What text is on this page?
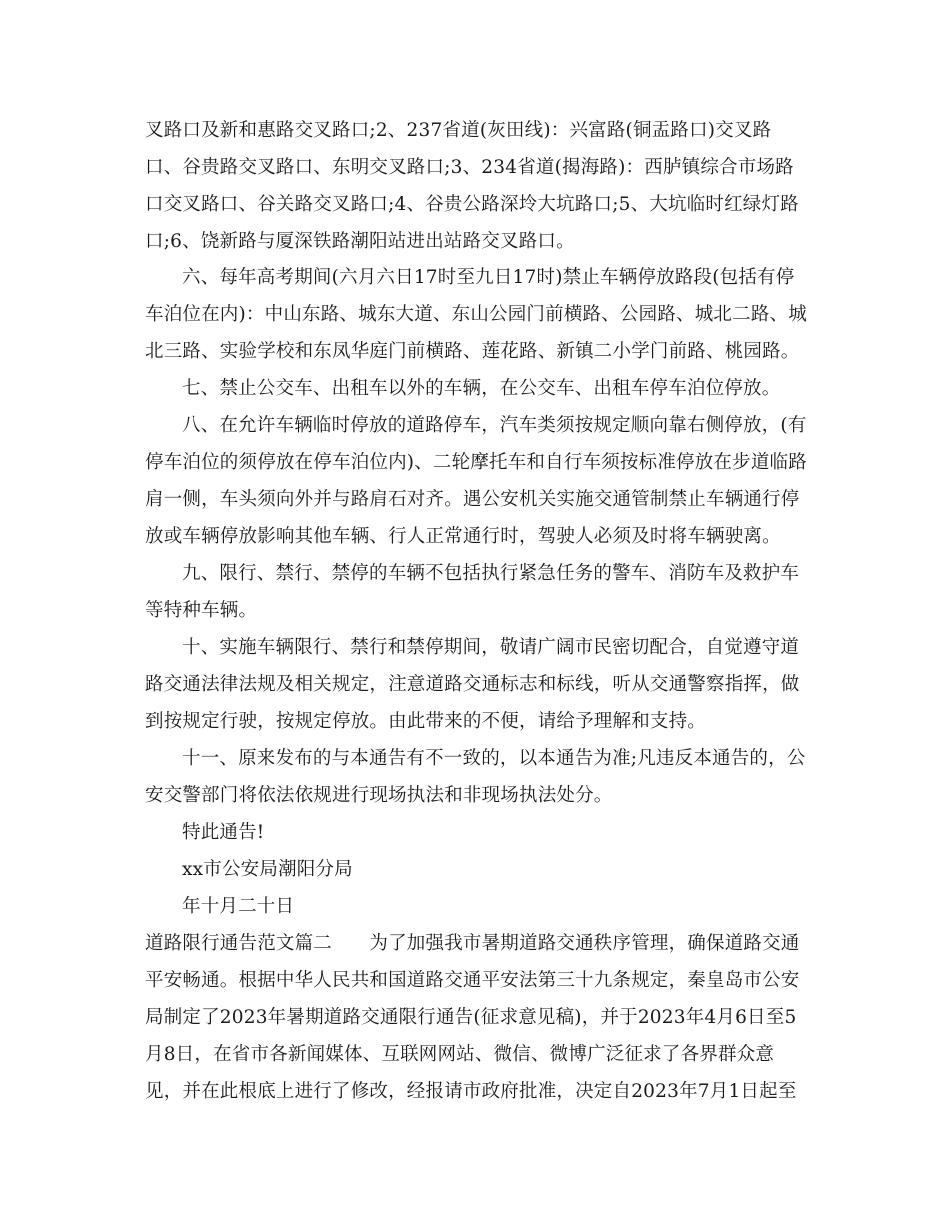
叉路口及新和惠路交叉路口;2、237省道(灰田线)：兴富路(铜盂路口)交叉路

口、谷贵路交叉路口、东明交叉路口;3、234省道(揭海路)：西胪镇综合市场路

口交叉路口、谷关路交叉路口;4、谷贵公路深坽大坑路口;5、大坑临时红绿灯路

口;6、饶新路与厦深铁路潮阳站进出站路交叉路口。

六、每年高考期间(六月六日17时至九日17时)禁止车辆停放路段(包括有停

车泊位在内)：中山东路、城东大道、东山公园门前横路、公园路、城北二路、城

北三路、实验学校和东凤华庭门前横路、莲花路、新镇二小学门前路、桃园路。

七、禁止公交车、出租车以外的车辆，在公交车、出租车停车泊位停放。

八、在允许车辆临时停放的道路停车，汽车类须按规定顺向靠右侧停放，(有

停车泊位的须停放在停车泊位内)、二轮摩托车和自行车须按标准停放在步道临路

肩一侧，车头须向外并与路肩石对齐。遇公安机关实施交通管制禁止车辆通行停

放或车辆停放影响其他车辆、行人正常通行时，驾驶人必须及时将车辆驶离。

九、限行、禁行、禁停的车辆不包括执行紧急任务的警车、消防车及救护车

等特种车辆。

十、实施车辆限行、禁行和禁停期间，敬请广阔市民密切配合，自觉遵守道

路交通法律法规及相关规定，注意道路交通标志和标线，听从交通警察指挥，做

到按规定行驶，按规定停放。由此带来的不便，请给予理解和支持。

十一、原来发布的与本通告有不一致的，以本通告为准;凡违反本通告的，公

安交警部门将依法依规进行现场执法和非现场执法处分。

特此通告!

xx市公安局潮阳分局

年十月二十日

道路限行通告范文篇二　　为了加强我市暑期道路交通秩序管理，确保道路交通

平安畅通。根据中华人民共和国道路交通平安法第三十九条规定，秦皇岛市公安

局制定了2023年暑期道路交通限行通告(征求意见稿)，并于2023年4月6日至5

月8日，在省市各新闻媒体、互联网网站、微信、微博广泛征求了各界群众意

见，并在此根底上进行了修改，经报请市政府批准，决定自2023年7月1日起至
